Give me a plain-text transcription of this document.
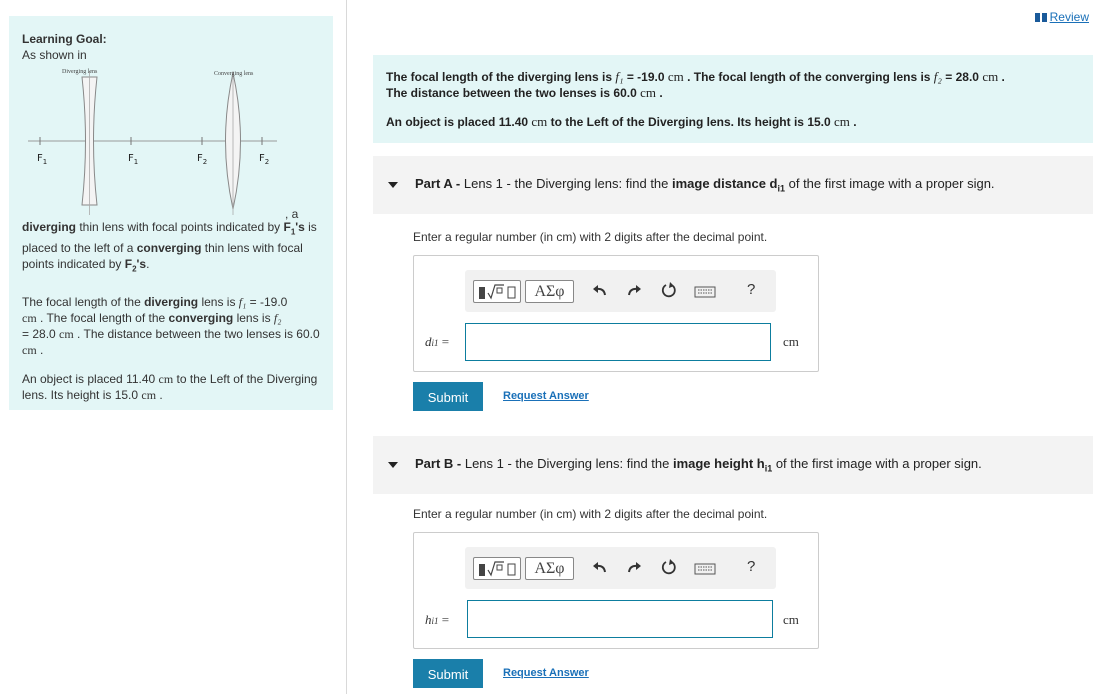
Learning Goal:
As shown in
Diverging lens	Converging lens
$F_1$	$F_1$	$F_2$	$F_2$
, a

diverging thin lens with focal points indicated by $F_1's$ is placed to the left of a converging thin lens with focal points indicated by $F_2's$.

The focal length of the diverging lens is f₁ = -19.0
cm . The focal length of the converging lens is f₂
= 28.0 cm . The distance between the two lenses is 60.0 cm .

An object is placed 11.40 cm to the Left of the Diverging lens. Its height is 15.0 cm .

Review

The focal length of the diverging lens is f₁ = -19.0 cm . The focal length of the converging lens is f₂ = 28.0 cm .

The distance between the two lenses is 60.0 cm .

An object is placed 11.40 cm to the Left of the Diverging lens. Its height is 15.0 cm .

Part A - Lens 1 - the Diverging lens: find the image distance $d_{i1}$ of the first image with a proper sign.
Enter a regular number (in cm) with 2 digits after the decimal point.
ΑΣφ	?
di1 =	cm
Submit	Request Answer
Part B - Lens 1 - the Diverging lens: find the image height $h_{i1}$ of the first image with a proper sign.
Enter a regular number (in cm) with 2 digits after the decimal point.
ΑΣφ	?
hi1 =	cm
Submit	Request Answer
